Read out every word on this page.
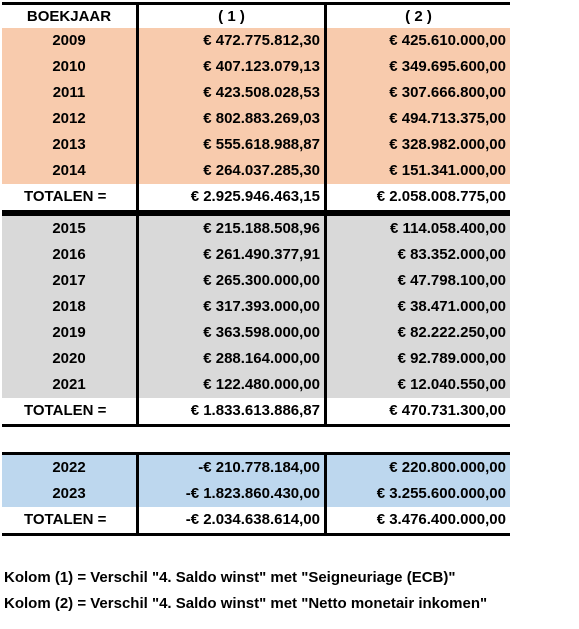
BOEKJAAR	( 1 )	( 2 )
2009	€ 472.775.812,30	€ 425.610.000,00
2010	€ 407.123.079,13	€ 349.695.600,00
2011	€ 423.508.028,53	€ 307.666.800,00
2012	€ 802.883.269,03	€ 494.713.375,00
2013	€ 555.618.988,87	€ 328.982.000,00
2014	€ 264.037.285,30	€ 151.341.000,00
TOTALEN =	€ 2.925.946.463,15	€ 2.058.008.775,00
2015	€ 215.188.508,96	€ 114.058.400,00
2016	€ 261.490.377,91	€ 83.352.000,00
2017	€ 265.300.000,00	€ 47.798.100,00
2018	€ 317.393.000,00	€ 38.471.000,00
2019	€ 363.598.000,00	€ 82.222.250,00
2020	€ 288.164.000,00	€ 92.789.000,00
2021	€ 122.480.000,00	€ 12.040.550,00
TOTALEN =	€ 1.833.613.886,87	€ 470.731.300,00
2022	-€ 210.778.184,00	€ 220.800.000,00
2023	-€ 1.823.860.430,00	€ 3.255.600.000,00
TOTALEN =	-€ 2.034.638.614,00	€ 3.476.400.000,00
Kolom (1) = Verschil "4. Saldo winst" met "Seigneuriage (ECB)"
Kolom (2) = Verschil "4. Saldo winst" met "Netto monetair inkomen"
